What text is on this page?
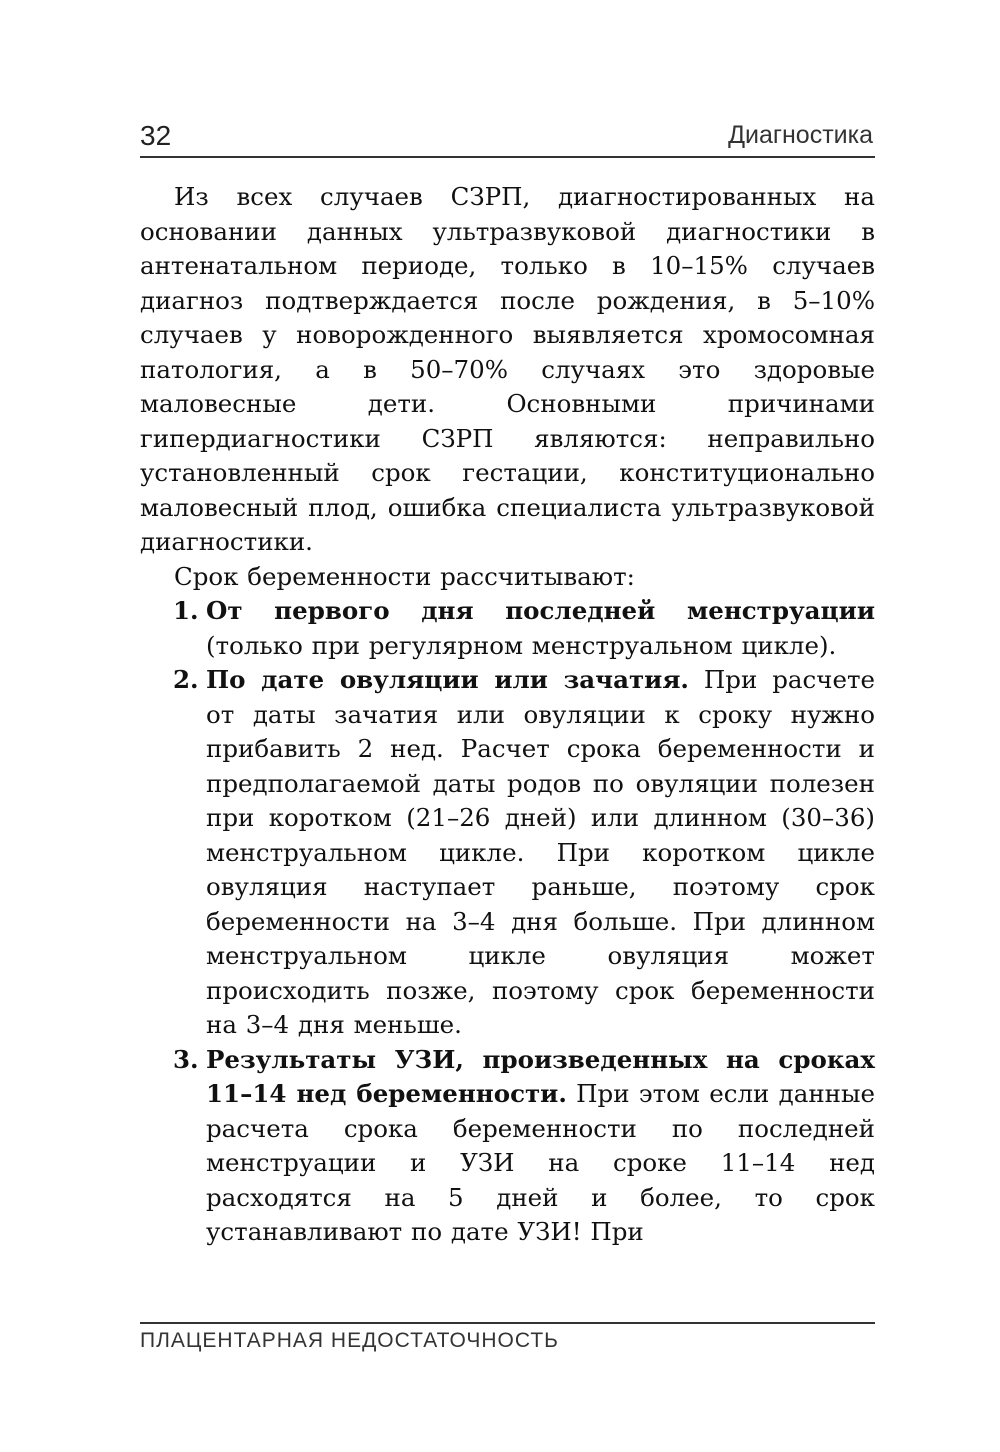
32	Диагностика

Из всех случаев СЗРП, диагностированных на основании данных ультразвуковой диагностики в антенатальном периоде, только в 10–15% случаев диагноз подтверждается после рождения, в 5–10% случаев у новорожденного выявляется хромосомная патология, а в 50–70% случаях это здоровые маловесные дети. Основными причинами гипердиагностики СЗРП являются: неправильно установленный срок гестации, конституционально маловесный плод, ошибка специалиста ультразвуковой диагностики.

Срок беременности рассчитывают:

1. От первого дня последней менструации (только при регулярном менструальном цикле).
2. По дате овуляции или зачатия. При расчете от даты зачатия или овуляции к сроку нужно прибавить 2 нед. Расчет срока беременности и предполагаемой даты родов по овуляции полезен при коротком (21–26 дней) или длинном (30–36) менструальном цикле. При коротком цикле овуляция наступает раньше, поэтому срок беременности на 3–4 дня больше. При длинном менструальном цикле овуляция может происходить позже, поэтому срок беременности на 3–4 дня меньше.
3. Результаты УЗИ, произведенных на сроках 11–14 нед беременности. При этом если данные расчета срока беременности по последней менструации и УЗИ на сроке 11–14 нед расходятся на 5 дней и более, то срок устанавливают по дате УЗИ! При
ПЛАЦЕНТАРНАЯ НЕДОСТАТОЧНОСТЬ
